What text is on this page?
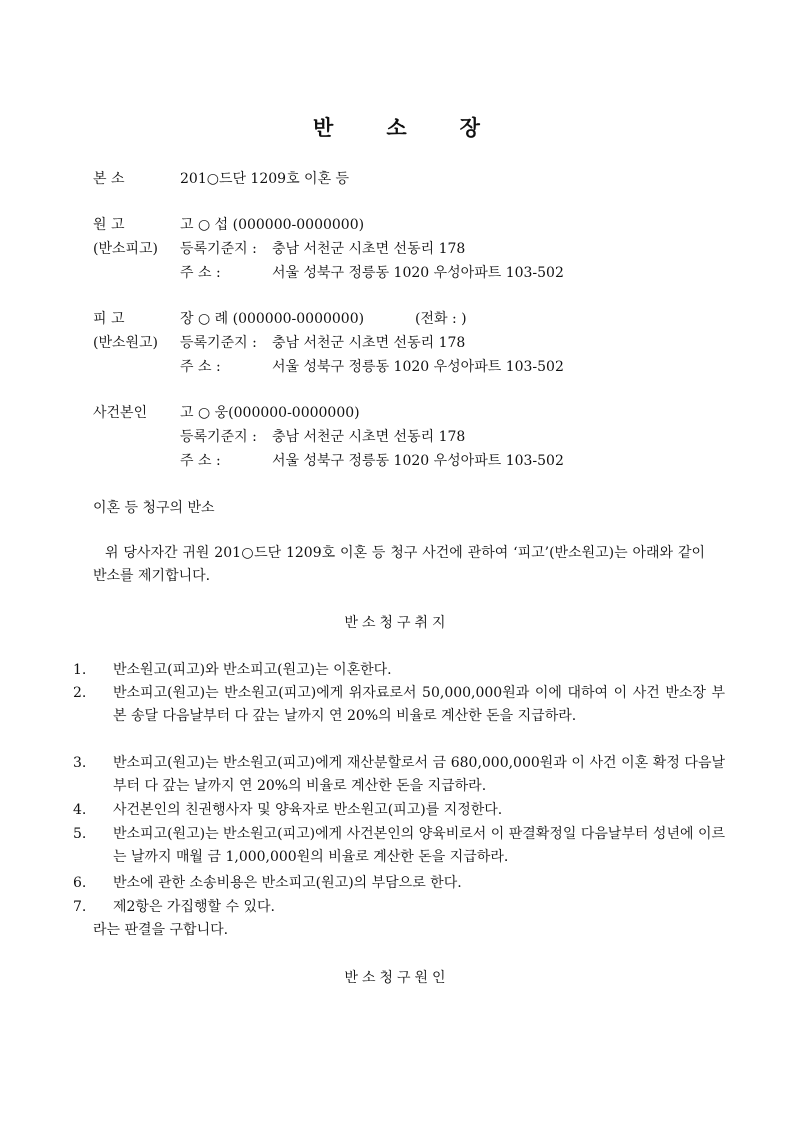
반 소 장
본 소	201○드단 1209호 이혼 등
원 고	고 ○ 섭 (000000-0000000)
(반소피고) 등록기준지 : 충남 서천군 시초면 선동리 178
주 소 :	서울 성북구 정릉동 1020 우성아파트 103-502
피 고	장 ○ 례 (000000-0000000)	(전화 : )
(반소원고) 등록기준지 : 충남 서천군 시초면 선동리 178
주 소 :	서울 성북구 정릉동 1020 우성아파트 103-502
사건본인 고 ○ 웅(000000-0000000)
등록기준지 : 충남 서천군 시초면 선동리 178
주 소 :	서울 성북구 정릉동 1020 우성아파트 103-502
이혼 등 청구의 반소
위 당사자간 귀원 201○드단 1209호 이혼 등 청구 사건에 관하여 ‘피고’(반소원고)는 아래와 같이 반소를 제기합니다.
반소청구취지
1. 반소원고(피고)와 반소피고(원고)는 이혼한다.
2. 반소피고(원고)는 반소원고(피고)에게 위자료로서 50,000,000원과 이에 대하여 이 사건 반소장 부본 송달 다음날부터 다 갚는 날까지 연 20%의 비율로 계산한 돈을 지급하라.
3. 반소피고(원고)는 반소원고(피고)에게 재산분할로서 금 680,000,000원과 이 사건 이혼 확정 다음날부터 다 갚는 날까지 연 20%의 비율로 계산한 돈을 지급하라.
4. 사건본인의 친권행사자 및 양육자로 반소원고(피고)를 지정한다.
5. 반소피고(원고)는 반소원고(피고)에게 사건본인의 양육비로서 이 판결확정일 다음날부터 성년에 이르는 날까지 매월 금 1,000,000원의 비율로 계산한 돈을 지급하라.
6. 반소에 관한 소송비용은 반소피고(원고)의 부담으로 한다.
7. 제2항은 가집행할 수 있다.
라는 판결을 구합니다.
반소청구원인
